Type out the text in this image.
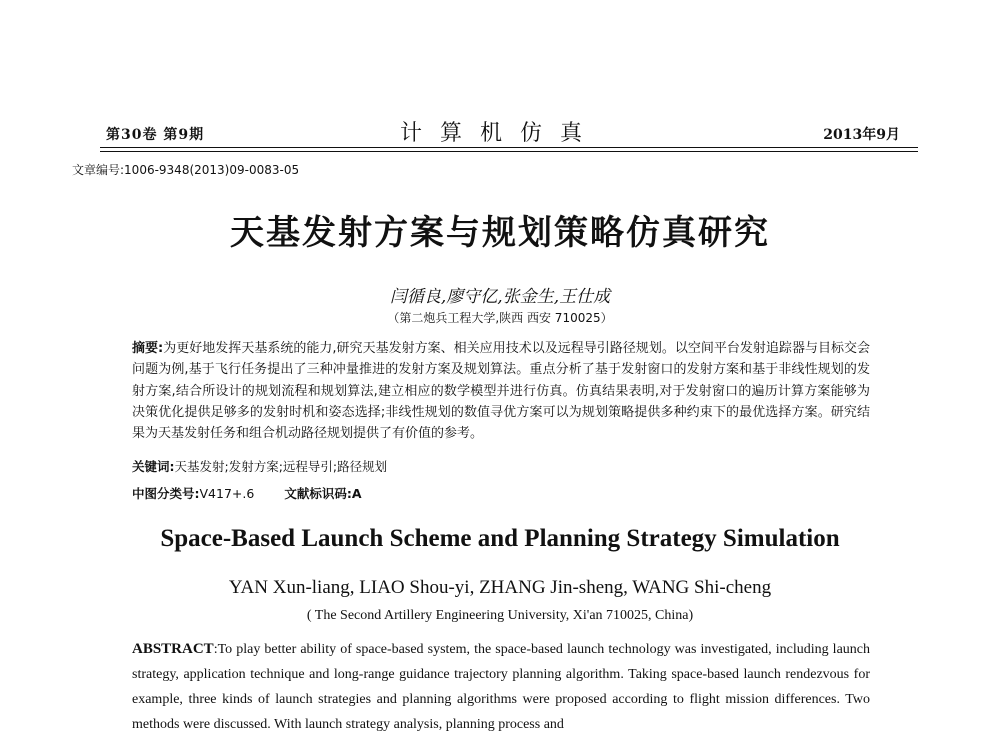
第30卷 第9期	计算机仿真	2013年9月
文章编号:1006-9348(2013)09-0083-05
天基发射方案与规划策略仿真研究
闫循良,廖守亿,张金生,王仕成
（第二炮兵工程大学,陕西 西安 710025）
摘要:为更好地发挥天基系统的能力,研究天基发射方案、相关应用技术以及远程导引路径规划。以空间平台发射追踪器与目标交会问题为例,基于飞行任务提出了三种冲量推进的发射方案及规划算法。重点分析了基于发射窗口的发射方案和基于非线性规划的发射方案,结合所设计的规划流程和规划算法,建立相应的数学模型并进行仿真。仿真结果表明,对于发射窗口的遍历计算方案能够为决策优化提供足够多的发射时机和姿态选择;非线性规划的数值寻优方案可以为规划策略提供多种约束下的最优选择方案。研究结果为天基发射任务和组合机动路径规划提供了有价值的参考。
关键词:天基发射;发射方案;远程导引;路径规划
中图分类号:V417+.6 文献标识码:A
Space-Based Launch Scheme and Planning Strategy Simulation
YAN Xun-liang, LIAO Shou-yi, ZHANG Jin-sheng, WANG Shi-cheng
( The Second Artillery Engineering University, Xi'an 710025, China)
ABSTRACT:To play better ability of space-based system, the space-based launch technology was investigated, including launch strategy, application technique and long-range guidance trajectory planning algorithm. Taking space-based launch rendezvous for example, three kinds of launch strategies and planning algorithms were proposed according to flight mission differences. Two methods were discussed. With launch strategy analysis, planning process and
